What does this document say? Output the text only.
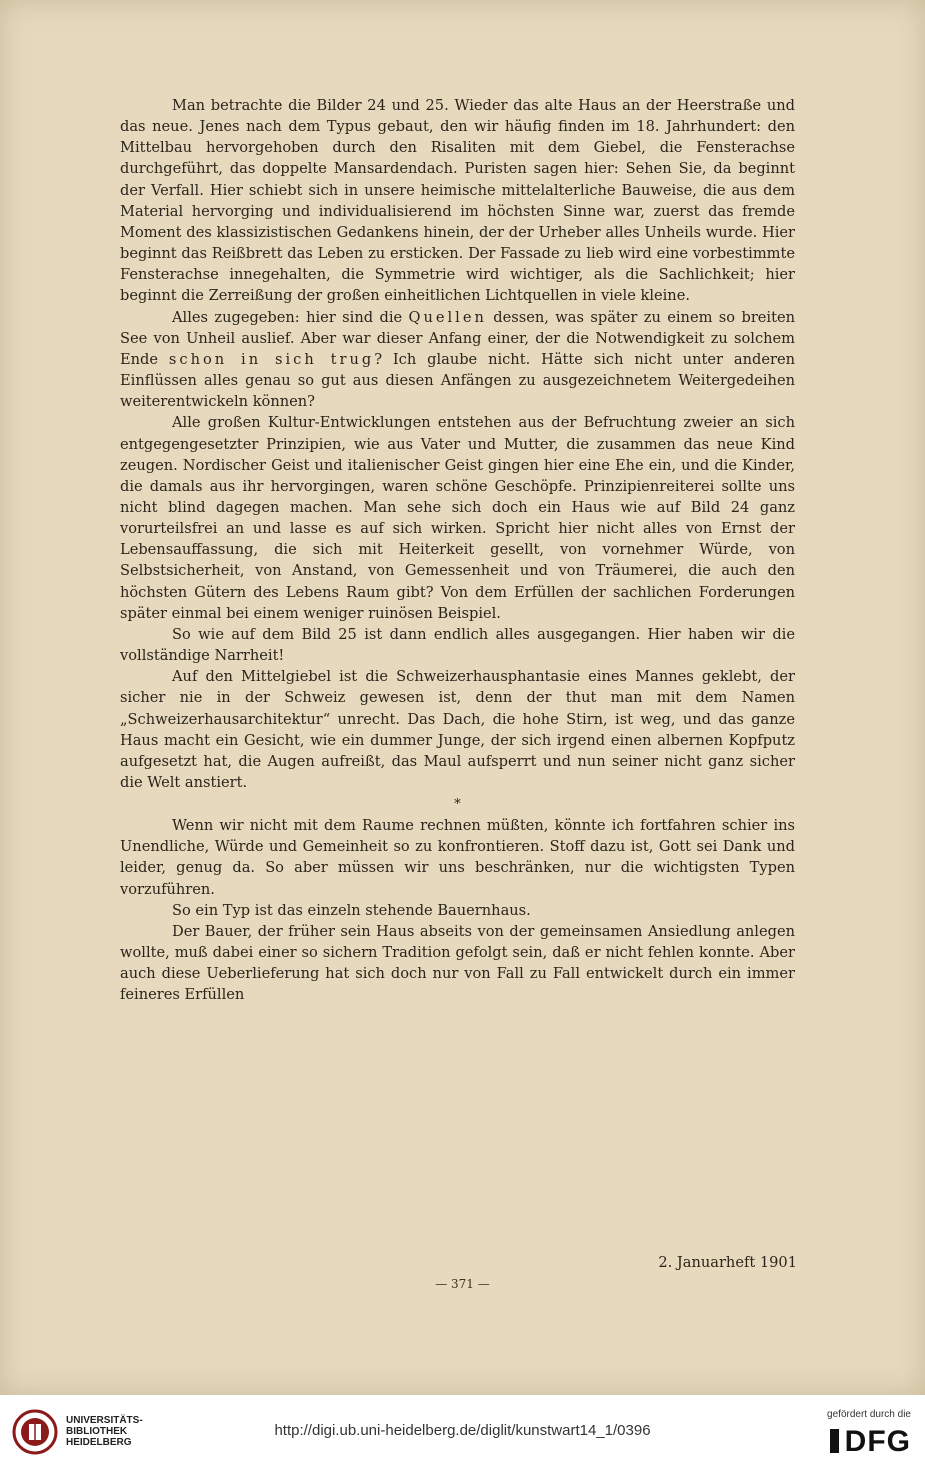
Man betrachte die Bilder 24 und 25. Wieder das alte Haus an der Heerstraße und das neue. Jenes nach dem Typus gebaut, den wir häufig finden im 18. Jahrhundert: den Mittelbau hervorgehoben durch den Risaliten mit dem Giebel, die Fensterachse durchgeführt, das doppelte Mansardendach. Puristen sagen hier: Sehen Sie, da beginnt der Verfall. Hier schiebt sich in unsere heimische mittelalterliche Bauweise, die aus dem Material hervorging und individualisierend im höchsten Sinne war, zuerst das fremde Moment des klassizistischen Gedankens hinein, der der Urheber alles Unheils wurde. Hier beginnt das Reißbrett das Leben zu ersticken. Der Fassade zu lieb wird eine vorbestimmte Fensterachse innegehalten, die Symmetrie wird wichtiger, als die Sachlichkeit; hier beginnt die Zerreißung der großen einheitlichen Lichtquellen in viele kleine.

Alles zugegeben: hier sind die Quellen dessen, was später zu einem so breiten See von Unheil auslief. Aber war dieser Anfang einer, der die Notwendigkeit zu solchem Ende schon in sich trug? Ich glaube nicht. Hätte sich nicht unter anderen Einflüssen alles genau so gut aus diesen Anfängen zu ausgezeichnetem Weitergedeihen weiterentwickeln können?

Alle großen Kultur-Entwicklungen entstehen aus der Befruchtung zweier an sich entgegengesetzter Prinzipien, wie aus Vater und Mutter, die zusammen das neue Kind zeugen. Nordischer Geist und italienischer Geist gingen hier eine Ehe ein, und die Kinder, die damals aus ihr hervorgingen, waren schöne Geschöpfe. Prinzipienreiterei sollte uns nicht blind dagegen machen. Man sehe sich doch ein Haus wie auf Bild 24 ganz vorurteilsfrei an und lasse es auf sich wirken. Spricht hier nicht alles von Ernst der Lebensauffassung, die sich mit Heiterkeit gesellt, von vornehmer Würde, von Selbstsicherheit, von Anstand, von Gemessenheit und von Träumerei, die auch den höchsten Gütern des Lebens Raum gibt? Von dem Erfüllen der sachlichen Forderungen später einmal bei einem weniger ruinösen Beispiel.

So wie auf dem Bild 25 ist dann endlich alles ausgegangen. Hier haben wir die vollständige Narrheit!

Auf den Mittelgiebel ist die Schweizerhausphantasie eines Mannes geklebt, der sicher nie in der Schweiz gewesen ist, denn der thut man mit dem Namen „Schweizerhausarchitektur“ unrecht. Das Dach, die hohe Stirn, ist weg, und das ganze Haus macht ein Gesicht, wie ein dummer Junge, der sich irgend einen albernen Kopfputz aufgesetzt hat, die Augen aufreißt, das Maul aufsperrt und nun seiner nicht ganz sicher die Welt anstiert.

*

Wenn wir nicht mit dem Raume rechnen müßten, könnte ich fortfahren schier ins Unendliche, Würde und Gemeinheit so zu konfrontieren. Stoff dazu ist, Gott sei Dank und leider, genug da. So aber müssen wir uns beschränken, nur die wichtigsten Typen vorzuführen.

So ein Typ ist das einzeln stehende Bauernhaus.

Der Bauer, der früher sein Haus abseits von der gemeinsamen Ansiedlung anlegen wollte, muß dabei einer so sichern Tradition gefolgt sein, daß er nicht fehlen konnte. Aber auch diese Ueberlieferung hat sich doch nur von Fall zu Fall entwickelt durch ein immer feineres Erfüllen

2. Januarheft 1901
— 371 —
UNIVERSITÄTS-
BIBLIOTHEK
HEIDELBERG
http://digi.ub.uni-heidelberg.de/diglit/kunstwart14_1/0396
gefördert durch die
DFG
